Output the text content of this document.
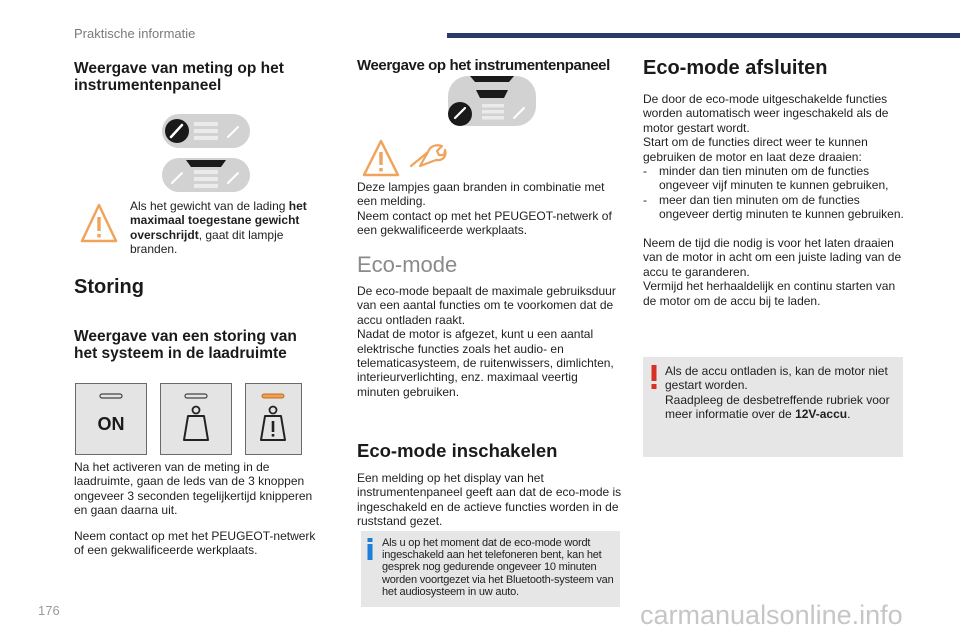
Praktische informatie
Weergave van meting op het instrumentenpaneel
Als het gewicht van de lading het maximaal toegestane gewicht overschrijdt, gaat dit lampje branden.
Storing
Weergave van een storing van het systeem in de laadruimte
ON
Na het activeren van de meting in de laadruimte, gaan de leds van de 3 knoppen ongeveer 3 seconden tegelijkertijd knipperen en gaan daarna uit.
Neem contact op met het PEUGEOT-netwerk of een gekwalificeerde werkplaats.
Weergave op het instrumentenpaneel
Deze lampjes gaan branden in combinatie met een melding.
Neem contact op met het PEUGEOT-netwerk of een gekwalificeerde werkplaats.
Eco-mode
De eco-mode bepaalt de maximale gebruiksduur van een aantal functies om te voorkomen dat de accu ontladen raakt.
Nadat de motor is afgezet, kunt u een aantal elektrische functies zoals het audio- en telematicasysteem, de ruitenwissers, dimlichten, interieurverlichting, enz. maximaal veertig minuten gebruiken.
Eco-mode inschakelen
Een melding op het display van het instrumentenpaneel geeft aan dat de eco-mode is ingeschakeld en de actieve functies worden in de ruststand gezet.
Als u op het moment dat de eco-mode wordt ingeschakeld aan het telefoneren bent, kan het gesprek nog gedurende ongeveer 10 minuten worden voortgezet via het Bluetooth-systeem van het audiosysteem in uw auto.
Eco-mode afsluiten
De door de eco-mode uitgeschakelde functies worden automatisch weer ingeschakeld als de motor gestart wordt.
Start om de functies direct weer te kunnen gebruiken de motor en laat deze draaien:
- minder dan tien minuten om de functies ongeveer vijf minuten te kunnen gebruiken,
- meer dan tien minuten om de functies ongeveer dertig minuten te kunnen gebruiken.
Neem de tijd die nodig is voor het laten draaien van de motor in acht om een juiste lading van de accu te garanderen.
Vermijd het herhaaldelijk en continu starten van de motor om de accu bij te laden.
Als de accu ontladen is, kan de motor niet gestart worden.
Raadpleeg de desbetreffende rubriek voor meer informatie over de 12V-accu.
176	carmanualsonline.info
